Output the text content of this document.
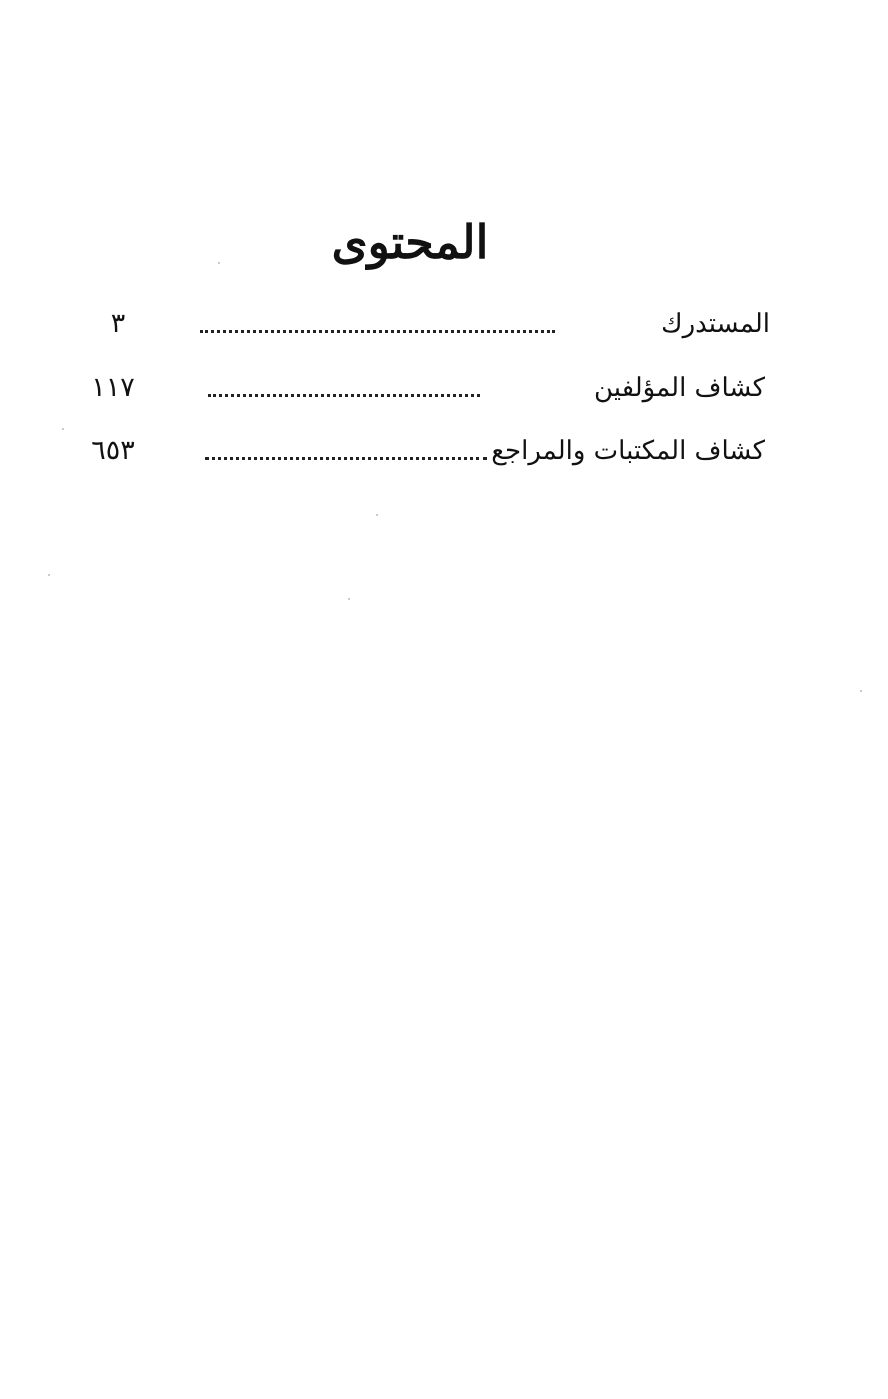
المحتوى
المستدرك
٣
كشاف المؤلفين
١١٧
كشاف المكتبات والمراجع
٦٥٣
